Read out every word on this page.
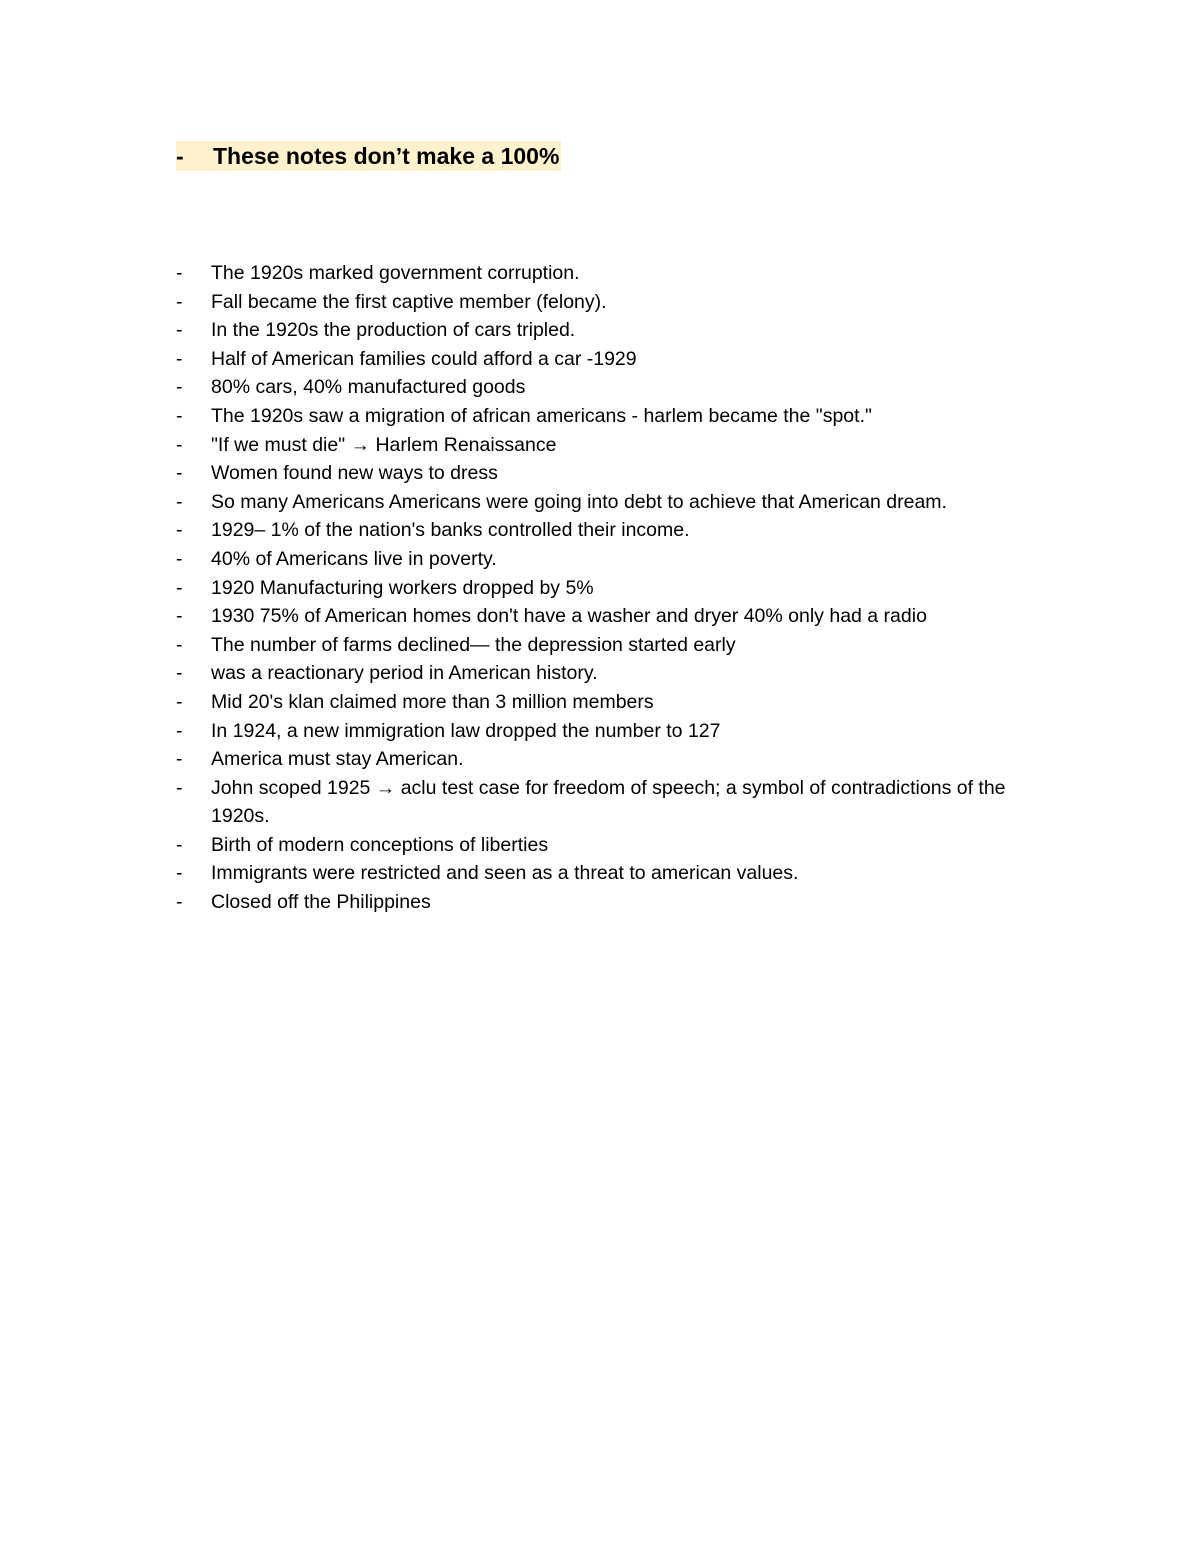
-	These notes don’t make a 100%
-	The 1920s marked government corruption.
-	Fall became the first captive member (felony).
-	In the 1920s the production of cars tripled.
-	Half of American families could afford a car -1929
-	80% cars, 40% manufactured goods
-	The 1920s saw a migration of african americans - harlem became the "spot."
-	"If we must die" → Harlem Renaissance
-	Women found new ways to dress
-	So many Americans Americans were going into debt to achieve that American dream.
-	1929– 1% of the nation's banks controlled their income.
-	40% of Americans live in poverty.
-	1920 Manufacturing workers dropped by 5%
-	1930 75% of American homes don't have a washer and dryer 40% only had a radio
-	The number of farms declined— the depression started early
-	was a reactionary period in American history.
-	Mid 20's klan claimed more than 3 million members
-	In 1924, a new immigration law dropped the number to 127
-	America must stay American.
-	John scoped 1925 → aclu test case for freedom of speech; a symbol of contradictions of the 1920s.
-	Birth of modern conceptions of liberties
-	Immigrants were restricted and seen as a threat to american values.
-	Closed off the Philippines
